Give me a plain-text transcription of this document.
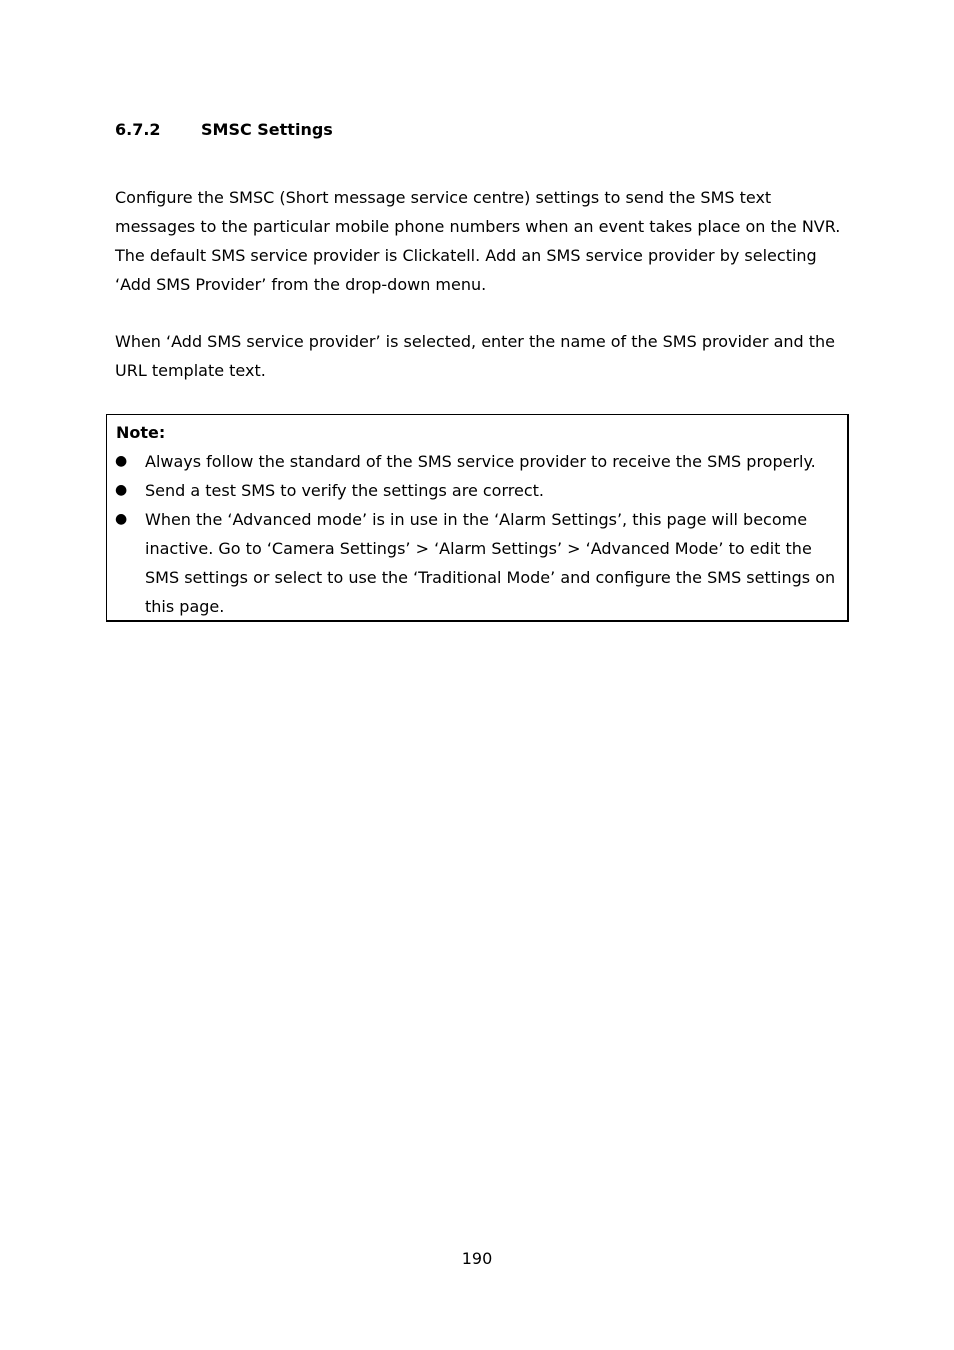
6.7.2	SMSC Settings

Configure the SMSC (Short message service centre) settings to send the SMS text messages to the particular mobile phone numbers when an event takes place on the NVR. The default SMS service provider is Clickatell. Add an SMS service provider by selecting ‘Add SMS Provider’ from the drop-down menu.

When ‘Add SMS service provider’ is selected, enter the name of the SMS provider and the URL template text.

Note:
● Always follow the standard of the SMS service provider to receive the SMS properly.
● Send a test SMS to verify the settings are correct.
● When the ‘Advanced mode’ is in use in the ‘Alarm Settings’, this page will become inactive. Go to ‘Camera Settings’ > ‘Alarm Settings’ > ‘Advanced Mode’ to edit the SMS settings or select to use the ‘Traditional Mode’ and configure the SMS settings on this page.
190
